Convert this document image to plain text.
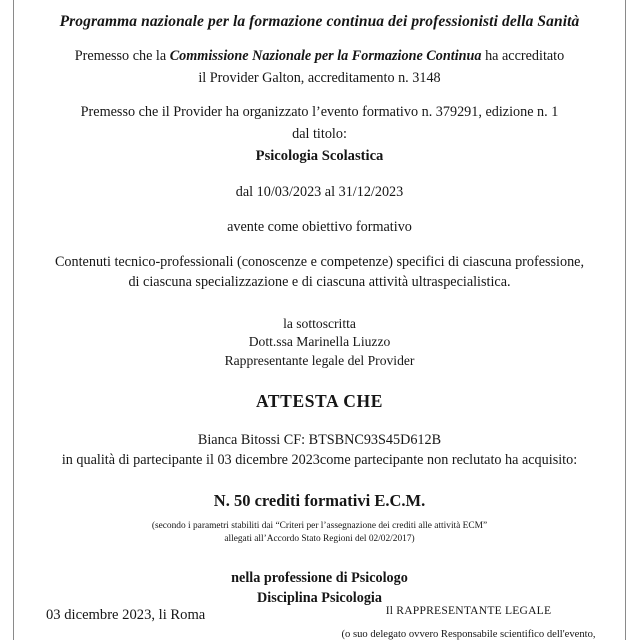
Programma nazionale per la formazione continua dei professionisti della Sanità
Premesso che la Commissione Nazionale per la Formazione Continua ha accreditato
il Provider Galton, accreditamento n. 3148
Premesso che il Provider ha organizzato l’evento formativo n. 379291, edizione n. 1
dal titolo:
Psicologia Scolastica
dal 10/03/2023 al 31/12/2023
avente come obiettivo formativo
Contenuti tecnico-professionali (conoscenze e competenze) specifici di ciascuna professione,
di ciascuna specializzazione e di ciascuna attività ultraspecialistica.
la sottoscritta
Dott.ssa Marinella Liuzzo
Rappresentante legale del Provider
ATTESTA CHE
Bianca Bitossi CF: BTSBNC93S45D612B
in qualità di partecipante il 03 dicembre 2023come partecipante non reclutato ha acquisito:
N. 50 crediti formativi E.C.M.
(secondo i parametri stabiliti dai “Criteri per l’assegnazione dei crediti alle attività ECM”
allegati all’Accordo Stato Regioni del 02/02/2017)
nella professione di Psicologo
Disciplina Psicologia
03 dicembre 2023, li Roma	Il RAPPRESENTANTE LEGALE
(o suo delegato ovvero Responsabile scientifico dell'evento,
